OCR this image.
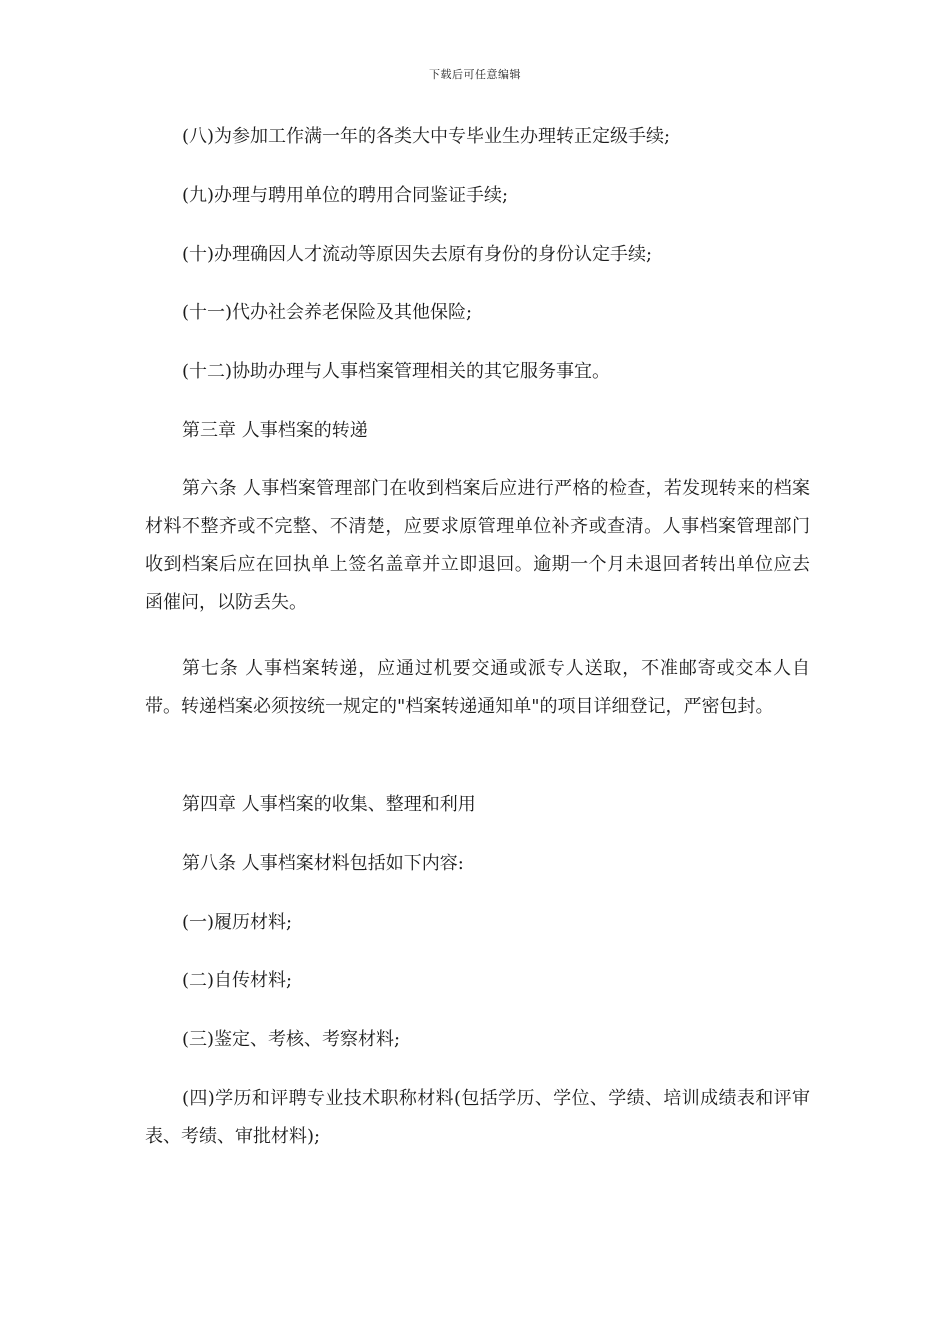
下载后可任意编辑

(八)为参加工作满一年的各类大中专毕业生办理转正定级手续;

(九)办理与聘用单位的聘用合同鉴证手续;

(十)办理确因人才流动等原因失去原有身份的身份认定手续;

(十一)代办社会养老保险及其他保险;

(十二)协助办理与人事档案管理相关的其它服务事宜。

第三章 人事档案的转递

第六条 人事档案管理部门在收到档案后应进行严格的检查，若发现转来的档案材料不整齐或不完整、不清楚，应要求原管理单位补齐或查清。人事档案管理部门收到档案后应在回执单上签名盖章并立即退回。逾期一个月未退回者转出单位应去函催问，以防丢失。

第七条 人事档案转递，应通过机要交通或派专人送取，不准邮寄或交本人自带。转递档案必须按统一规定的"档案转递通知单"的项目详细登记，严密包封。

第四章 人事档案的收集、整理和利用

第八条 人事档案材料包括如下内容:

(一)履历材料;

(二)自传材料;

(三)鉴定、考核、考察材料;

(四)学历和评聘专业技术职称材料(包括学历、学位、学绩、培训成绩表和评审表、考绩、审批材料);
